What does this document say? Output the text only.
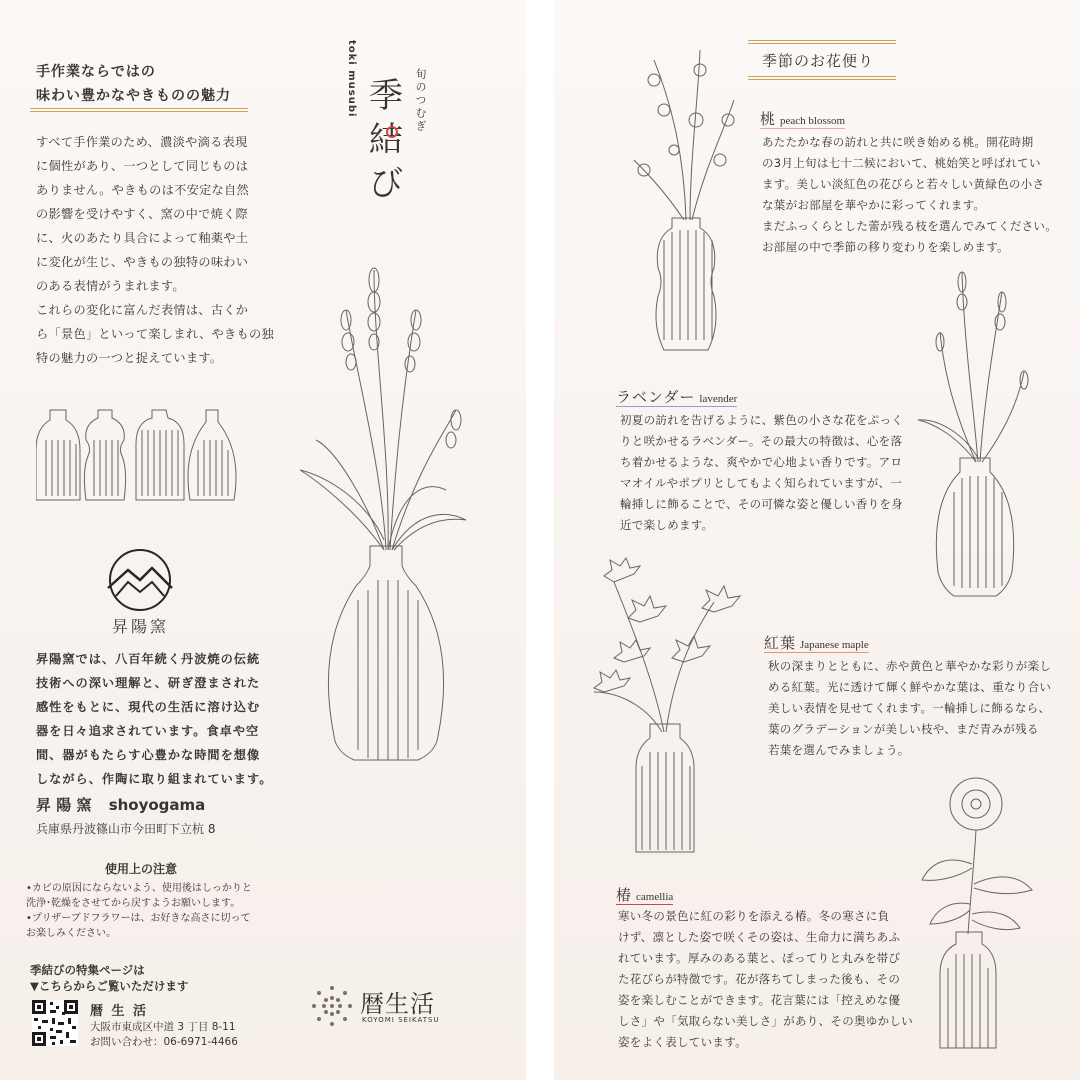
手作業ならではの
味わい豊かなやきものの魅力
すべて手作業のため、濃淡や滴る表現
に個性があり、一つとして同じものは
ありません。やきものは不安定な自然
の影響を受けやすく、窯の中で焼く際
に、火のあたり具合によって釉薬や土
に変化が生じ、やきもの独特の味わい
のある表情がうまれます。
これらの変化に富んだ表情は、古くか
ら「景色」といって楽しまれ、やきもの独
特の魅力の一つと捉えています。
昇陽窯
昇陽窯では、八百年続く丹波焼の伝統
技術への深い理解と、研ぎ澄まされた
感性をもとに、現代の生活に溶け込む
器を日々追求されています。食卓や空
間、器がもたらす心豊かな時間を想像
しながら、作陶に取り組まれています。
昇 陽 窯 shoyogama
兵庫県丹波篠山市今田町下立杭 8
使用上の注意
•カビの原因にならないよう、使用後はしっかりと
洗浄･乾燥をさせてから戻すようお願いします。
•プリザーブドフラワーは、お好きな高さに切って
お楽しみください。
季結びの特集ページは
▼こちらからご覧いただけます
暦 生 活
大阪市東成区中道 3 丁目 8-11
お問い合わせ：06-6971-4466
toki musubi 季
結
び
旬のつむぎ
暦生活
KOYOMI SEIKATSU
季節のお花便り
桃 peach blossom
あたたかな春の訪れと共に咲き始める桃。開花時期
の3月上旬は七十二候において、桃始笑と呼ばれてい
ます。美しい淡紅色の花びらと若々しい黄緑色の小さ
な葉がお部屋を華やかに彩ってくれます。
まだふっくらとした蕾が残る枝を選んでみてください。
お部屋の中で季節の移り変わりを楽しめます。
ラベンダー lavender
初夏の訪れを告げるように、紫色の小さな花をぷっく
りと咲かせるラベンダー。その最大の特徴は、心を落
ち着かせるような、爽やかで心地よい香りです。アロ
マオイルやポプリとしてもよく知られていますが、一
輪挿しに飾ることで、その可憐な姿と優しい香りを身
近で楽しめます。
紅葉 Japanese maple
秋の深まりとともに、赤や黄色と華やかな彩りが楽し
める紅葉。光に透けて輝く鮮やかな葉は、重なり合い
美しい表情を見せてくれます。一輪挿しに飾るなら、
葉のグラデーションが美しい枝や、まだ青みが残る
若葉を選んでみましょう。
椿 camellia
寒い冬の景色に紅の彩りを添える椿。冬の寒さに負
けず、凛とした姿で咲くその姿は、生命力に満ちあふ
れています。厚みのある葉と、ぽってりと丸みを帯び
た花びらが特徴です。花が落ちてしまった後も、その
姿を楽しむことができます。花言葉には「控えめな優
しさ」や「気取らない美しさ」があり、その奥ゆかしい
姿をよく表しています。
